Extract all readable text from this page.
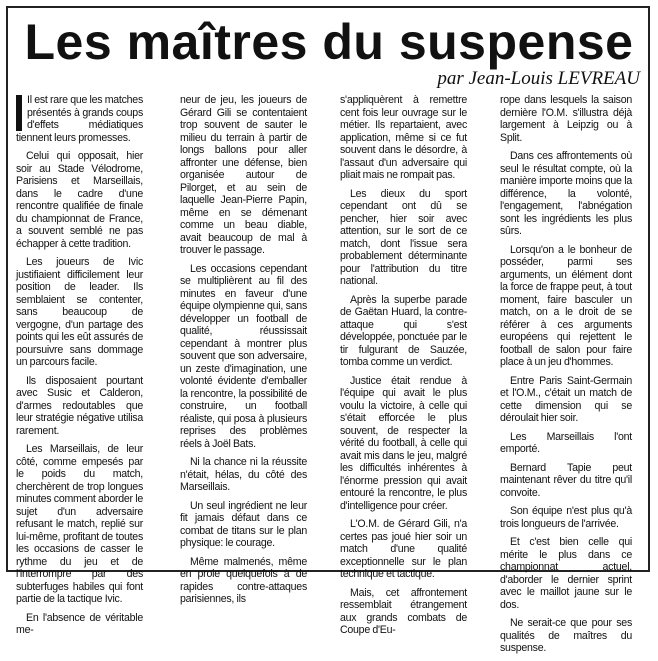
Les maîtres du suspense
par Jean-Louis LEVREAU

Il est rare que les matches présentés à grands coups d'effets médiatiques tiennent leurs promesses.

Celui qui opposait, hier soir au Stade Vélodrome, Parisiens et Marseillais, dans le cadre d'une rencontre qualifiée de finale du championnat de France, a souvent semblé ne pas échapper à cette tradition.

Les joueurs de Ivic justifiaient difficilement leur position de leader. Ils semblaient se contenter, sans beaucoup de vergogne, d'un partage des points qui les eût assurés de poursuivre sans dommage un parcours facile.

Ils disposaient pourtant avec Susic et Calderon, d'armes redoutables que leur stratégie négative utilisa rarement.

Les Marseillais, de leur côté, comme empesés par le poids du match, cherchèrent de trop longues minutes comment aborder le sujet d'un adversaire refusant le match, replié sur lui-même, profitant de toutes les occasions de casser le rythme du jeu et de l'interrompre par des subterfuges habiles qui font partie de la tactique Ivic.

En l'absence de véritable me-

neur de jeu, les joueurs de Gérard Gili se contentaient trop souvent de sauter le milieu du terrain à partir de longs ballons pour aller affronter une défense, bien organisée autour de Pilorget, et au sein de laquelle Jean-Pierre Papin, même en se démenant comme un beau diable, avait beaucoup de mal à trouver le passage.

Les occasions cependant se multiplièrent au fil des minutes en faveur d'une équipe olympienne qui, sans développer un football de qualité, réussissait cependant à montrer plus souvent que son adversaire, un zeste d'imagination, une volonté évidente d'emballer la rencontre, la possibilité de construire, un football réaliste, qui posa à plusieurs reprises des problèmes réels à Joël Bats.

Ni la chance ni la réussite n'était, hélas, du côté des Marseillais.

Un seul ingrédient ne leur fit jamais défaut dans ce combat de titans sur le plan physique: le courage.

Même malmenés, même en proie quelquefois à de rapides contre-attaques parisiennes, ils

s'appliquèrent à remettre cent fois leur ouvrage sur le métier. Ils repartaient, avec application, même si ce fut souvent dans le désordre, à l'assaut d'un adversaire qui pliait mais ne rompait pas.

Les dieux du sport cependant ont dû se pencher, hier soir avec attention, sur le sort de ce match, dont l'issue sera probablement déterminante pour l'attribution du titre national.

Après la superbe parade de Gaëtan Huard, la contre-attaque qui s'est développée, ponctuée par le tir fulgurant de Sauzée, tomba comme un verdict.

Justice était rendue à l'équipe qui avait le plus voulu la victoire, à celle qui s'était efforcée le plus souvent, de respecter la vérité du football, à celle qui avait mis dans le jeu, malgré les difficultés inhérentes à l'énorme pression qui avait entouré la rencontre, le plus d'intelligence pour créer.

L'O.M. de Gérard Gili, n'a certes pas joué hier soir un match d'une qualité exceptionnelle sur le plan technique et tactique.

Mais, cet affrontement ressemblait étrangement aux grands combats de Coupe d'Eu-

rope dans lesquels la saison dernière l'O.M. s'illustra déjà largement à Leipzig ou à Split.

Dans ces affrontements où seul le résultat compte, où la manière importe moins que la différence, la volonté, l'engagement, l'abnégation sont les ingrédients les plus sûrs.

Lorsqu'on a le bonheur de posséder, parmi ses arguments, un élément dont la force de frappe peut, à tout moment, faire basculer un match, on a le droit de se référer à ces arguments européens qui rejettent le football de salon pour faire place à un jeu d'hommes.

Entre Paris Saint-Germain et l'O.M., c'était un match de cette dimension qui se déroulait hier soir.

Les Marseillais l'ont emporté.

Bernard Tapie peut maintenant rêver du titre qu'il convoite.

Son équipe n'est plus qu'à trois longueurs de l'arrivée.

Et c'est bien celle qui mérite le plus dans ce championnat actuel, d'aborder le dernier sprint avec le maillot jaune sur le dos.

Ne serait-ce que pour ses qualités de maîtres du suspense.
